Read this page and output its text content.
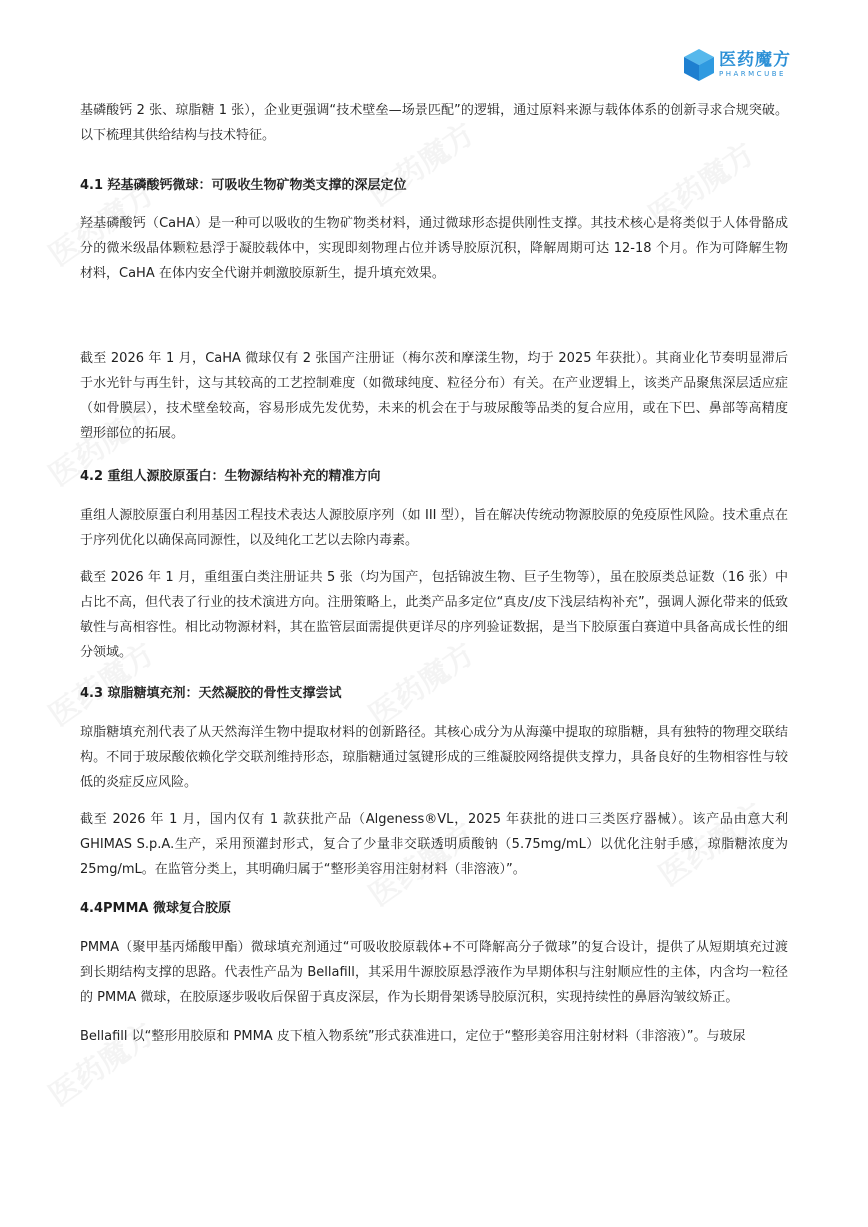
医药魔方
PHARMCUBE

基磷酸钙 2 张、琼脂糖 1 张），企业更强调“技术壁垒—场景匹配”的逻辑，通过原料来源与载体体系的创新寻求合规突破。以下梳理其供给结构与技术特征。

4.1 羟基磷酸钙微球：可吸收生物矿物类支撑的深层定位

羟基磷酸钙（CaHA）是一种可以吸收的生物矿物类材料，通过微球形态提供刚性支撑。其技术核心是将类似于人体骨骼成分的微米级晶体颗粒悬浮于凝胶载体中，实现即刻物理占位并诱导胶原沉积，降解周期可达 12-18 个月。作为可降解生物材料，CaHA 在体内安全代谢并刺激胶原新生，提升填充效果。

截至 2026 年 1 月，CaHA 微球仅有 2 张国产注册证（梅尔茨和摩漾生物，均于 2025 年获批）。其商业化节奏明显滞后于水光针与再生针，这与其较高的工艺控制难度（如微球纯度、粒径分布）有关。在产业逻辑上，该类产品聚焦深层适应症（如骨膜层），技术壁垒较高，容易形成先发优势，未来的机会在于与玻尿酸等品类的复合应用，或在下巴、鼻部等高精度塑形部位的拓展。

4.2 重组人源胶原蛋白：生物源结构补充的精准方向

重组人源胶原蛋白利用基因工程技术表达人源胶原序列（如 III 型），旨在解决传统动物源胶原的免疫原性风险。技术重点在于序列优化以确保高同源性，以及纯化工艺以去除内毒素。

截至 2026 年 1 月，重组蛋白类注册证共 5 张（均为国产，包括锦波生物、巨子生物等），虽在胶原类总证数（16 张）中占比不高，但代表了行业的技术演进方向。注册策略上，此类产品多定位“真皮/皮下浅层结构补充”，强调人源化带来的低致敏性与高相容性。相比动物源材料，其在监管层面需提供更详尽的序列验证数据，是当下胶原蛋白赛道中具备高成长性的细分领域。

4.3 琼脂糖填充剂：天然凝胶的骨性支撑尝试

琼脂糖填充剂代表了从天然海洋生物中提取材料的创新路径。其核心成分为从海藻中提取的琼脂糖，具有独特的物理交联结构。不同于玻尿酸依赖化学交联剂维持形态，琼脂糖通过氢键形成的三维凝胶网络提供支撑力，具备良好的生物相容性与较低的炎症反应风险。

截至 2026 年 1 月，国内仅有 1 款获批产品（Algeness®VL，2025 年获批的进口三类医疗器械）。该产品由意大利 GHIMAS S.p.A.生产，采用预灌封形式，复合了少量非交联透明质酸钠（5.75mg/mL）以优化注射手感，琼脂糖浓度为 25mg/mL。在监管分类上，其明确归属于“整形美容用注射材料（非溶液）”。

4.4PMMA 微球复合胶原

PMMA（聚甲基丙烯酸甲酯）微球填充剂通过“可吸收胶原载体+不可降解高分子微球”的复合设计，提供了从短期填充过渡到长期结构支撑的思路。代表性产品为 Bellafill，其采用牛源胶原悬浮液作为早期体积与注射顺应性的主体，内含均一粒径的 PMMA 微球，在胶原逐步吸收后保留于真皮深层，作为长期骨架诱导胶原沉积，实现持续性的鼻唇沟皱纹矫正。

Bellafill 以“整形用胶原和 PMMA 皮下植入物系统”形式获准进口，定位于“整形美容用注射材料（非溶液）”。与玻尿
